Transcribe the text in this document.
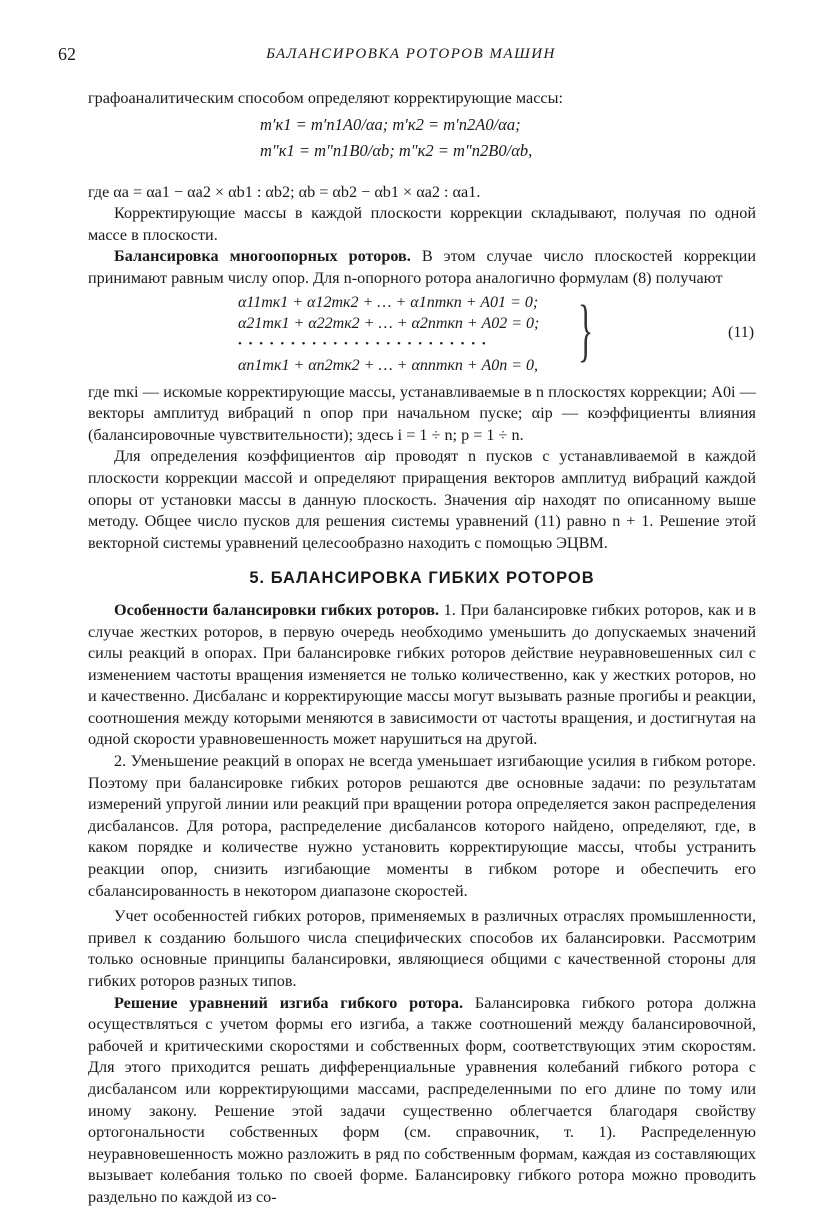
62	БАЛАНСИРОВКА РОТОРОВ МАШИН

графоаналитическим способом определяют корректирующие массы:

m′к1 = m′п1A0/αa; m′к2 = m′п2A0/αa;
m″к1 = m″п1B0/αb; m″к2 = m″п2B0/αb,

где αa = αa1 − αa2 × αb1 : αb2; αb = αb2 − αb1 × αa2 : αa1.

Корректирующие массы в каждой плоскости коррекции складывают, получая по одной массе в плоскости.

Балансировка многоопорных роторов. В этом случае число плоскостей коррекции принимают равным числу опор. Для n-опорного ротора аналогично формулам (8) получают

α11mк1 + α12mк2 + … + α1nmкn + A01 = 0;
α21mк1 + α22mк2 + … + α2nmкn + A02 = 0;
• • • • • • • • • • • • • • • • • • • • • • • •
αn1mк1 + αn2mк2 + … + αnnmкn + A0n = 0, }	(11)

где mкi — искомые корректирующие массы, устанавливаемые в n плоскостях коррекции; A0i — векторы амплитуд вибраций n опор при начальном пуске; αip — коэффициенты влияния (балансировочные чувствительности); здесь i = 1 ÷ n; p = 1 ÷ n.

Для определения коэффициентов αip проводят n пусков с устанавливаемой в каждой плоскости коррекции массой и определяют приращения векторов амплитуд вибраций каждой опоры от установки массы в данную плоскость. Значения αip находят по описанному выше методу. Общее число пусков для решения системы уравнений (11) равно n + 1. Решение этой векторной системы уравнений целесообразно находить с помощью ЭЦВМ.

5. БАЛАНСИРОВКА ГИБКИХ РОТОРОВ

Особенности балансировки гибких роторов. 1. При балансировке гибких роторов, как и в случае жестких роторов, в первую очередь необходимо уменьшить до допускаемых значений силы реакций в опорах. При балансировке гибких роторов действие неуравновешенных сил с изменением частоты вращения изменяется не только количественно, как у жестких роторов, но и качественно. Дисбаланс и корректирующие массы могут вызывать разные прогибы и реакции, соотношения между которыми меняются в зависимости от частоты вращения, и достигнутая на одной скорости уравновешенность может нарушиться на другой.

2. Уменьшение реакций в опорах не всегда уменьшает изгибающие усилия в гибком роторе. Поэтому при балансировке гибких роторов решаются две основные задачи: по результатам измерений упругой линии или реакций при вращении ротора определяется закон распределения дисбалансов. Для ротора, распределение дисбалансов которого найдено, определяют, где, в каком порядке и количестве нужно установить корректирующие массы, чтобы устранить реакции опор, снизить изгибающие моменты в гибком роторе и обеспечить его сбалансированность в некотором диапазоне скоростей.

Учет особенностей гибких роторов, применяемых в различных отраслях промышленности, привел к созданию большого числа специфических способов их балансировки. Рассмотрим только основные принципы балансировки, являющиеся общими с качественной стороны для гибких роторов разных типов.

Решение уравнений изгиба гибкого ротора. Балансировка гибкого ротора должна осуществляться с учетом формы его изгиба, а также соотношений между балансировочной, рабочей и критическими скоростями и собственных форм, соответствующих этим скоростям. Для этого приходится решать дифференциальные уравнения колебаний гибкого ротора с дисбалансом или корректирующими массами, распределенными по его длине по тому или иному закону. Решение этой задачи существенно облегчается благодаря свойству ортогональности собственных форм (см. справочник, т. 1). Распределенную неуравновешенность можно разложить в ряд по собственным формам, каждая из составляющих вызывает колебания только по своей форме. Балансировку гибкого ротора можно проводить раздельно по каждой из со-
